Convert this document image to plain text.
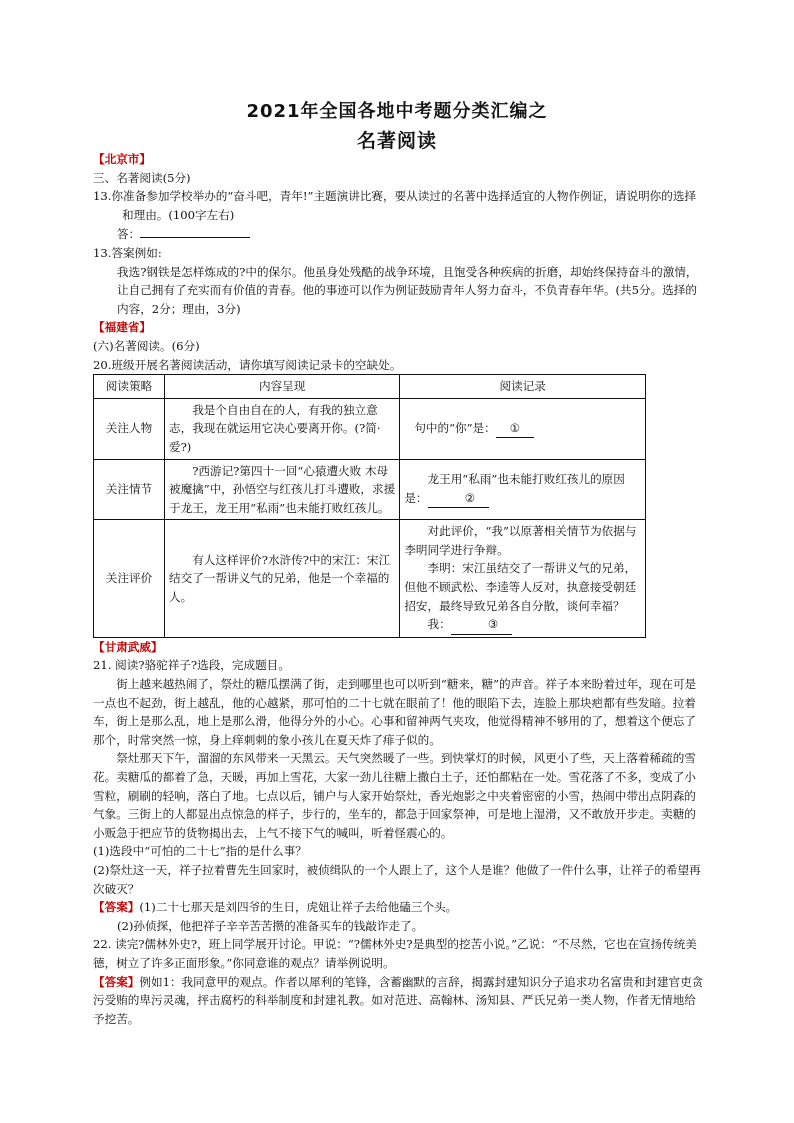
2021年全国各地中考题分类汇编之
名著阅读

【北京市】

三、名著阅读(5分)

13.你准备参加学校举办的“奋斗吧，青年!”主题演讲比赛，要从读过的名著中选择适宜的人物作例证，请说明你的选择和理由。(100字左右)

答：

13.答案例如:

我选?钢铁是怎样炼成的?中的保尔。他虽身处残酷的战争环境，且饱受各种疾病的折磨，却始终保持奋斗的激情，让自己拥有了充实而有价值的青春。他的事迹可以作为例证鼓励青年人努力奋斗，不负青春年华。(共5分。选择的内容，2分；理由，3分)

【福建省】

(六)名著阅读。(6分)

20.班级开展名著阅读活动，请你填写阅读记录卡的空缺处。

阅读策略	内容呈现	阅读记录
关注人物	我是个自由自在的人，有我的独立意志，我现在就运用它决心要离开你。(?简·爱?)	句中的“你”是： ①
关注情节	?西游记?第四十一回“心猿遭火败 木母被魔擒”中，孙悟空与红孩儿打斗遭败，求援于龙王，龙王用“私雨”也未能打败红孩儿。	龙王用“私雨”也未能打败红孩儿的原因是： ②
关注评价	有人这样评价?水浒传?中的宋江：宋江结交了一帮讲义气的兄弟，他是一个幸福的人。	对此评价，“我”以原著相关情节为依据与李明同学进行争辩。
李明：宋江虽结交了一帮讲义气的兄弟，但他不顾武松、李逵等人反对，执意接受朝廷招安，最终导致兄弟各自分散，谈何幸福？
我： ③

【甘肃武威】

21. 阅读?骆驼祥子?选段，完成题目。

街上越来越热闹了，祭灶的糖瓜摆满了街，走到哪里也可以听到“糖来，糖”的声音。祥子本来盼着过年，现在可是一点也不起劲，街上越乱，他的心越紧，那可怕的二十七就在眼前了！他的眼陷下去，连脸上那块疤都有些发暗。拉着车，街上是那么乱，地上是那么滑，他得分外的小心。心事和留神两气夹攻，他觉得精神不够用的了，想着这个便忘了那个，时常突然一惊，身上痒刺刺的象小孩儿在夏天炸了痱子似的。

祭灶那天下午，溜溜的东风带来一天黑云。天气突然暖了一些。到快掌灯的时候，风更小了些，天上落着稀疏的雪花。卖糖瓜的都着了急，天暖，再加上雪花，大家一劲儿往糖上撒白土子，还怕都粘在一处。雪花落了不多，变成了小雪粒，刷刷的轻响，落白了地。七点以后，铺户与人家开始祭灶，香光炮影之中夹着密密的小雪，热闹中带出点阴森的气象。三街上的人都显出点惊急的样子，步行的，坐车的，都急于回家祭神，可是地上湿滑，又不敢放开步走。卖糖的小贩急于把应节的货物揭出去，上气不接下气的喊叫，听着怪震心的。

(1)选段中“可怕的二十七”指的是什么事？

(2)祭灶这一天，祥子拉着曹先生回家时，被侦缉队的一个人跟上了，这个人是谁？他做了一件什么事，让祥子的希望再次破灭？

【答案】(1)二十七那天是刘四爷的生日，虎妞让祥子去给他磕三个头。

(2)孙侦探，他把祥子辛辛苦苦攒的准备买车的钱敲诈走了。

22. 读完?儒林外史?，班上同学展开讨论。甲说：“?儒林外史?是典型的挖苦小说。”乙说：“不尽然，它也在宣扬传统美德，树立了许多正面形象。”你同意谁的观点？请举例说明。

【答案】例如1：我同意甲的观点。作者以犀利的笔锋，含蓄幽默的言辞，揭露封建知识分子追求功名富贵和封建官吏贪污受贿的卑污灵魂，抨击腐朽的科举制度和封建礼教。如对范进、高翰林、汤知县、严氏兄弟一类人物，作者无情地给予挖苦。
